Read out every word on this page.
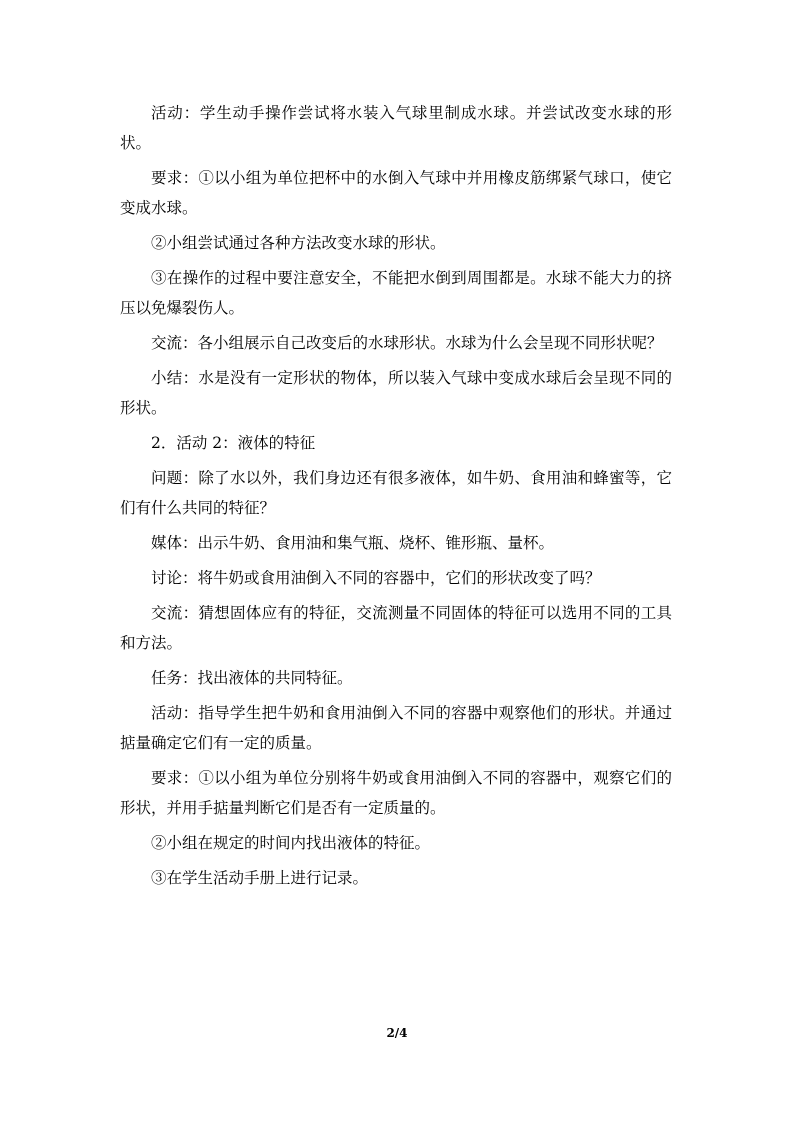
活动：学生动手操作尝试将水装入气球里制成水球。并尝试改变水球的形状。

要求：①以小组为单位把杯中的水倒入气球中并用橡皮筋绑紧气球口，使它变成水球。

②小组尝试通过各种方法改变水球的形状。

③在操作的过程中要注意安全，不能把水倒到周围都是。水球不能大力的挤压以免爆裂伤人。

交流：各小组展示自己改变后的水球形状。水球为什么会呈现不同形状呢？

小结：水是没有一定形状的物体，所以装入气球中变成水球后会呈现不同的形状。

2．活动 2：液体的特征

问题：除了水以外，我们身边还有很多液体，如牛奶、食用油和蜂蜜等，它们有什么共同的特征？

媒体：出示牛奶、食用油和集气瓶、烧杯、锥形瓶、量杯。

讨论：将牛奶或食用油倒入不同的容器中，它们的形状改变了吗？

交流：猜想固体应有的特征，交流测量不同固体的特征可以选用不同的工具和方法。

任务：找出液体的共同特征。

活动：指导学生把牛奶和食用油倒入不同的容器中观察他们的形状。并通过掂量确定它们有一定的质量。

要求：①以小组为单位分别将牛奶或食用油倒入不同的容器中，观察它们的形状，并用手掂量判断它们是否有一定质量的。

②小组在规定的时间内找出液体的特征。

③在学生活动手册上进行记录。

2/4
